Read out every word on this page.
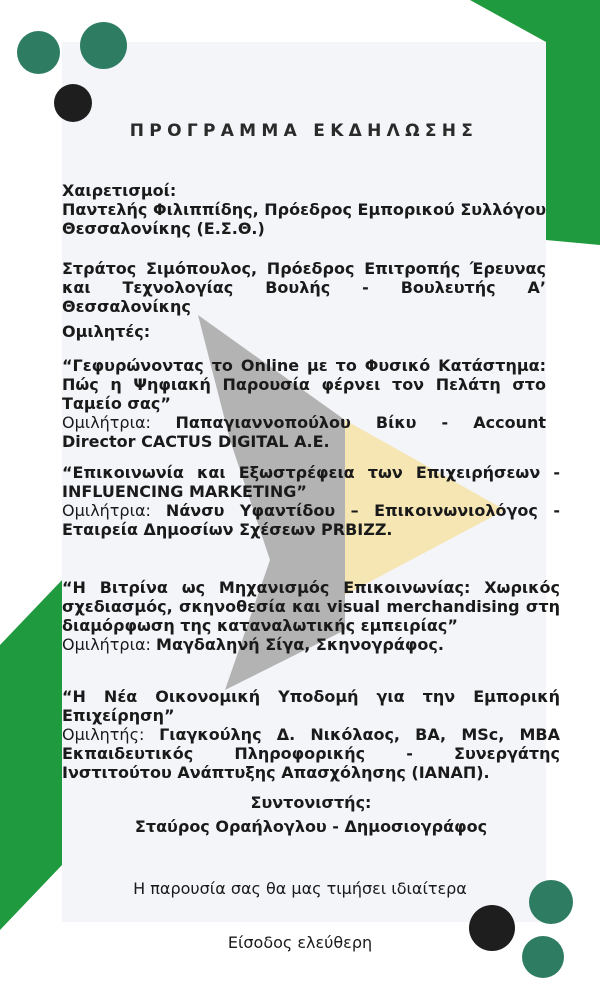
ΠΡΟΓΡΑΜΜΑ ΕΚΔΗΛΩΣΗΣ
Χαιρετισμοί:
Παντελής Φιλιππίδης, Πρόεδρος Εμπορικού Συλλόγου Θεσσαλονίκης (Ε.Σ.Θ.)
Στράτος Σιμόπουλος, Πρόεδρος Επιτροπής Έρευνας και Τεχνολογίας Βουλής - Βουλευτής Α’ Θεσσαλονίκης
Ομιλητές:
“Γεφυρώνοντας το Online με το Φυσικό Κατάστημα: Πώς η Ψηφιακή Παρουσία φέρνει τον Πελάτη στο Ταμείο σας”
Ομιλήτρια: Παπαγιαννοπούλου Βίκυ - Account Director CACTUS DIGITAL Α.Ε.
“Επικοινωνία και Εξωστρέφεια των Επιχειρήσεων - INFLUENCING MARKETING”
Ομιλήτρια: Νάνσυ Υφαντίδου – Επικοινωνιολόγος - Εταιρεία Δημοσίων Σχέσεων PRBIZZ.
“Η Βιτρίνα ως Μηχανισμός Επικοινωνίας: Χωρικός σχεδιασμός, σκηνοθεσία και visual merchandising στη διαμόρφωση της καταναλωτικής εμπειρίας”
Ομιλήτρια: Μαγδαληνή Σίγα, Σκηνογράφος.
“Η Νέα Οικονομική Υποδομή για την Εμπορική Επιχείρηση”
Ομιλητής: Γιαγκούλης Δ. Νικόλαος, BA, MSc, MBA Εκπαιδευτικός Πληροφορικής - Συνεργάτης Ινστιτούτου Ανάπτυξης Απασχόλησης (ΙΑΝΑΠ).
Συντονιστής:
Σταύρος Οραήλογλου - Δημοσιογράφος
Η παρουσία σας θα μας τιμήσει ιδιαίτερα
Είσοδος ελεύθερη
